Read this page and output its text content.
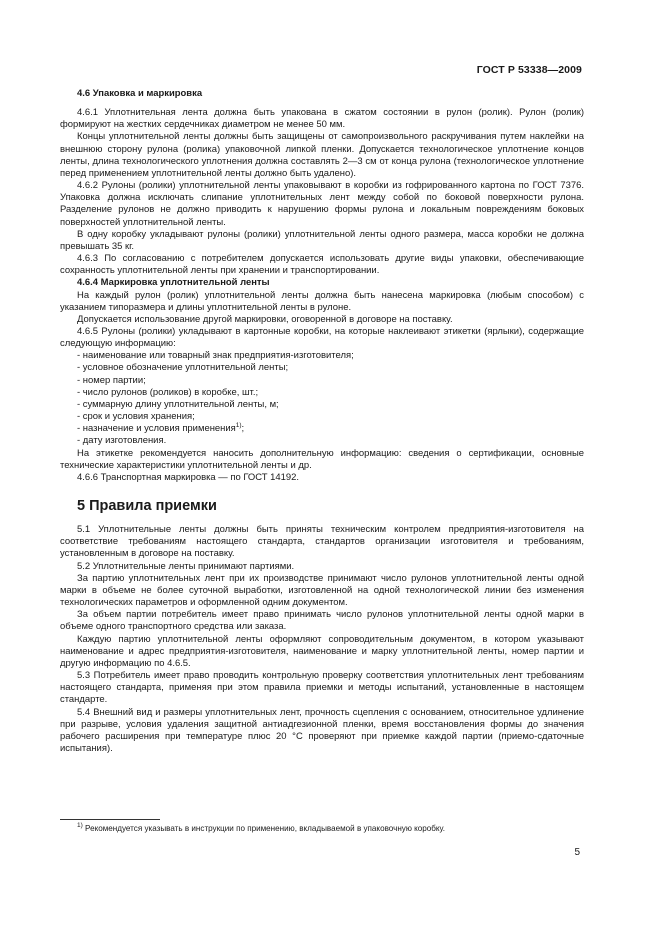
ГОСТ Р 53338—2009

4.6 Упаковка и маркировка

4.6.1 Уплотнительная лента должна быть упакована в сжатом состоянии в рулон (ролик). Рулон (ролик) формируют на жестких сердечниках диаметром не менее 50 мм.

Концы уплотнительной ленты должны быть защищены от самопроизвольного раскручивания путем наклейки на внешнюю сторону рулона (ролика) упаковочной липкой пленки. Допускается технологическое уплотнение концов ленты, длина технологического уплотнения должна составлять 2—3 см от конца рулона (технологическое уплотнение перед применением уплотнительной ленты должно быть удалено).

4.6.2 Рулоны (ролики) уплотнительной ленты упаковывают в коробки из гофрированного картона по ГОСТ 7376. Упаковка должна исключать слипание уплотнительных лент между собой по боковой поверхности рулона. Разделение рулонов не должно приводить к нарушению формы рулона и локальным повреждениям боковых поверхностей уплотнительной ленты.

В одну коробку укладывают рулоны (ролики) уплотнительной ленты одного размера, масса коробки не должна превышать 35 кг.

4.6.3 По согласованию с потребителем допускается использовать другие виды упаковки, обеспечивающие сохранность уплотнительной ленты при хранении и транспортировании.

4.6.4 Маркировка уплотнительной ленты

На каждый рулон (ролик) уплотнительной ленты должна быть нанесена маркировка (любым способом) с указанием типоразмера и длины уплотнительной ленты в рулоне.

Допускается использование другой маркировки, оговоренной в договоре на поставку.

4.6.5 Рулоны (ролики) укладывают в картонные коробки, на которые наклеивают этикетки (ярлыки), содержащие следующую информацию:

- наименование или товарный знак предприятия-изготовителя;

- условное обозначение уплотнительной ленты;

- номер партии;

- число рулонов (роликов) в коробке, шт.;

- суммарную длину уплотнительной ленты, м;

- срок и условия хранения;

- назначение и условия применения$^{1)}$;

- дату изготовления.

На этикетке рекомендуется наносить дополнительную информацию: сведения о сертификации, основные технические характеристики уплотнительной ленты и др.

4.6.6 Транспортная маркировка — по ГОСТ 14192.

5 Правила приемки

5.1 Уплотнительные ленты должны быть приняты техническим контролем предприятия-изготовителя на соответствие требованиям настоящего стандарта, стандартов организации изготовителя и требованиям, установленным в договоре на поставку.

5.2 Уплотнительные ленты принимают партиями.

За партию уплотнительных лент при их производстве принимают число рулонов уплотнительной ленты одной марки в объеме не более суточной выработки, изготовленной на одной технологической линии без изменения технологических параметров и оформленной одним документом.

За объем партии потребитель имеет право принимать число рулонов уплотнительной ленты одной марки в объеме одного транспортного средства или заказа.

Каждую партию уплотнительной ленты оформляют сопроводительным документом, в котором указывают наименование и адрес предприятия-изготовителя, наименование и марку уплотнительной ленты, номер партии и другую информацию по 4.6.5.

5.3 Потребитель имеет право проводить контрольную проверку соответствия уплотнительных лент требованиям настоящего стандарта, применяя при этом правила приемки и методы испытаний, установленные в настоящем стандарте.

5.4 Внешний вид и размеры уплотнительных лент, прочность сцепления с основанием, относительное удлинение при разрыве, условия удаления защитной антиадгезионной пленки, время восстановления формы до значения рабочего расширения при температуре плюс 20 °С проверяют при приемке каждой партии (приемо-сдаточные испытания).

$^{1)}$ Рекомендуется указывать в инструкции по применению, вкладываемой в упаковочную коробку.
5
